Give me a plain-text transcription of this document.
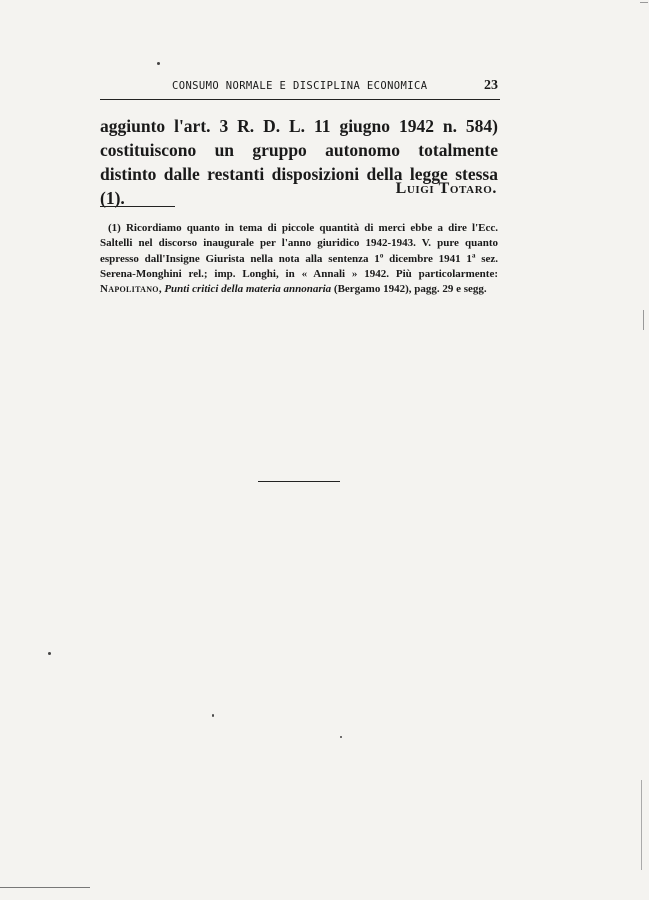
CONSUMO NORMALE E DISCIPLINA ECONOMICA	23

aggiunto l'art. 3 R. D. L. 11 giugno 1942 n. 584) costituiscono un gruppo autonomo totalmente distinto dalle restanti disposizioni della legge stessa (1).	Luigi Totaro.

(1) Ricordiamo quanto in tema di piccole quantità di merci ebbe a dire l'Ecc. Saltelli nel discorso inaugurale per l'anno giuridico 1942-1943. V. pure quanto espresso dall'Insigne Giurista nella nota alla sentenza 1$^o$ dicembre 1941 1$^a$ sez. Serena-Monghini rel.; imp. Longhi, in « Annali » 1942. Più particolarmente: Napolitano, Punti critici della materia annonaria (Bergamo 1942), pagg. 29 e segg.
